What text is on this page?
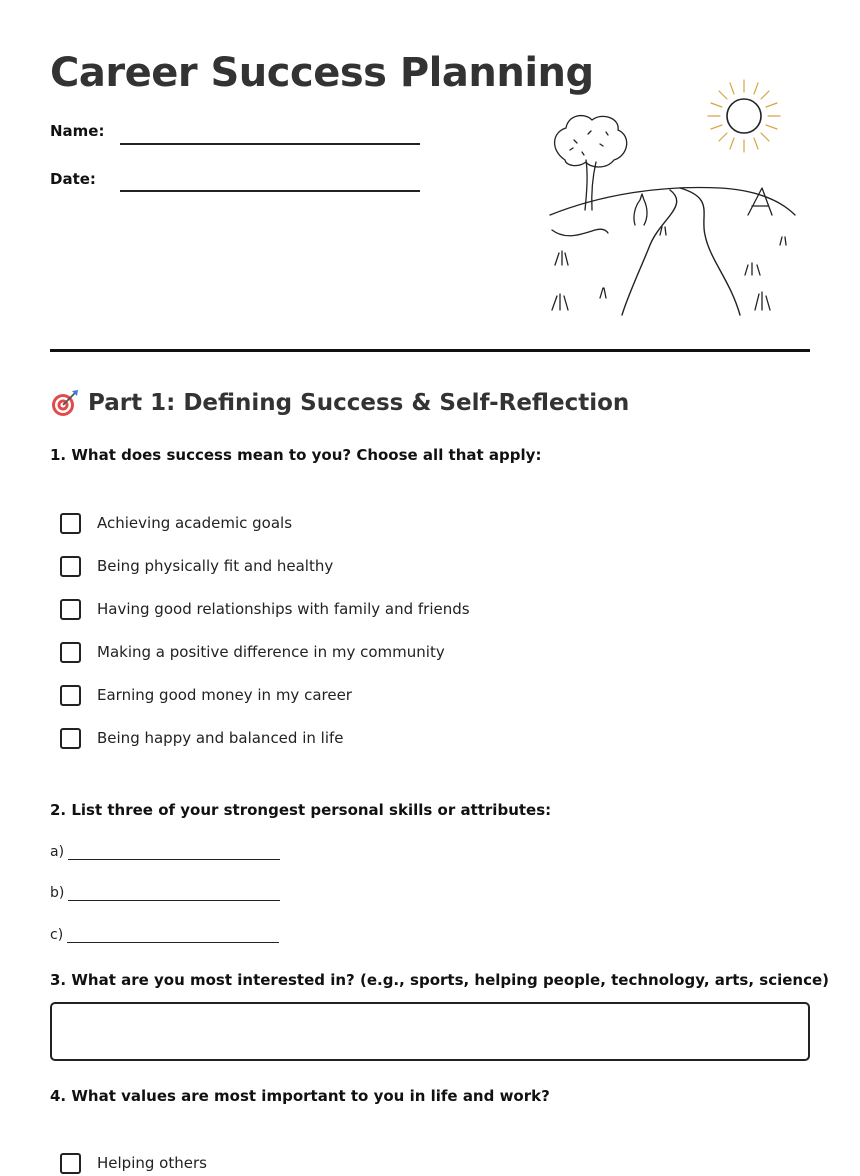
Career Success Planning
Name:
Date:
Part 1: Defining Success & Self-Reflection
1. What does success mean to you? Choose all that apply:
Achieving academic goals
Being physically fit and healthy
Having good relationships with family and friends
Making a positive difference in my community
Earning good money in my career
Being happy and balanced in life
2. List three of your strongest personal skills or attributes:
a)
b)
c)
3. What are you most interested in? (e.g., sports, helping people, technology, arts, science)
4. What values are most important to you in life and work?
Helping others
